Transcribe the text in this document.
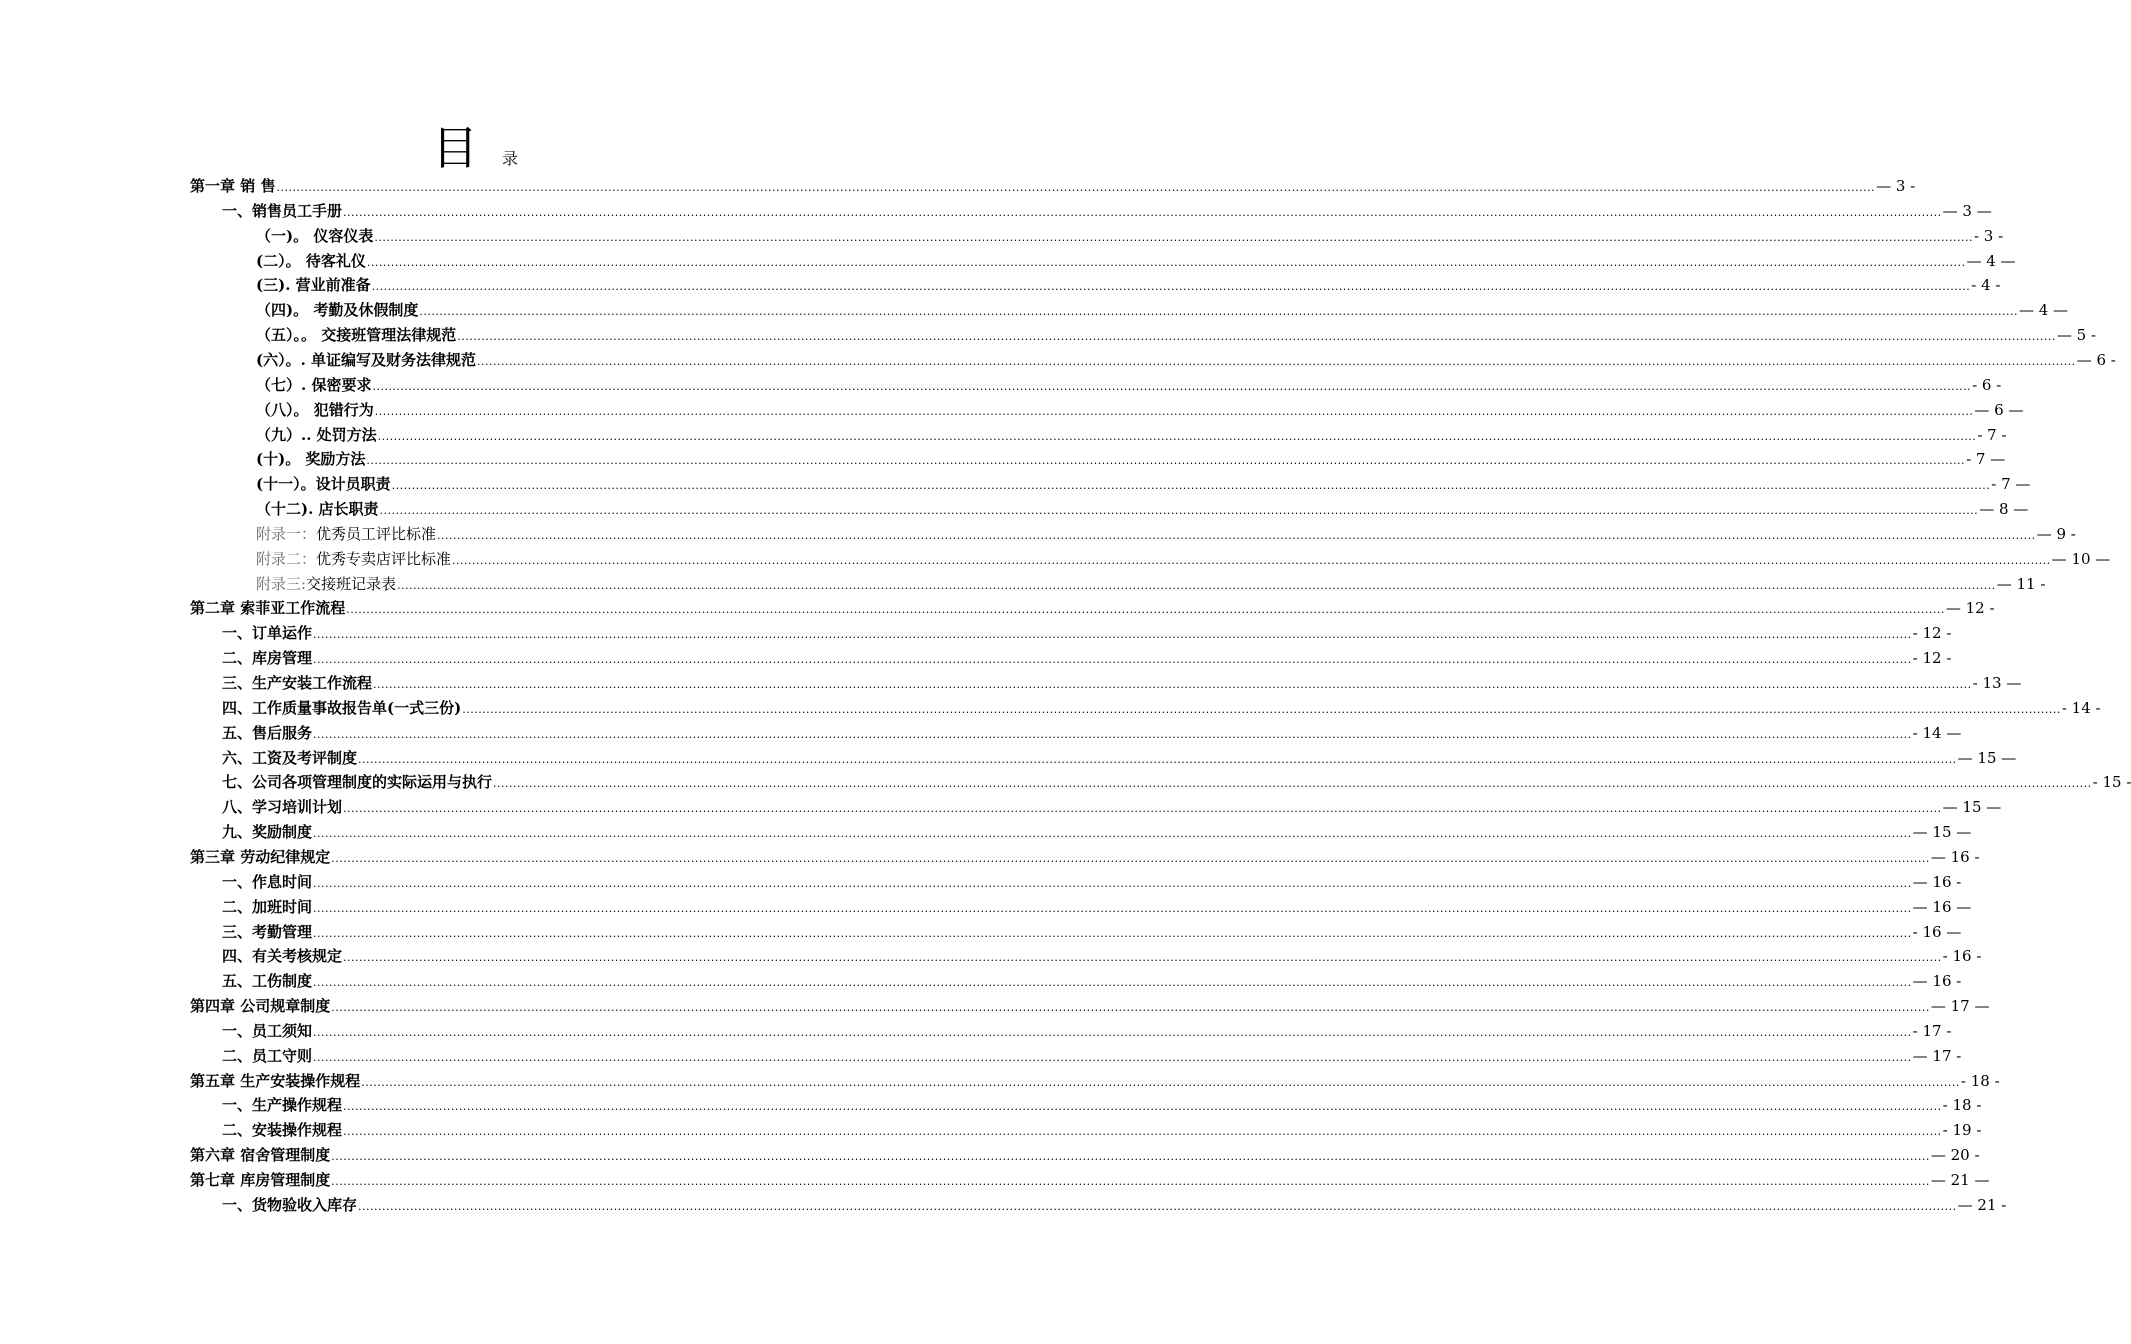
目 录
第一章 销 售 ................................................................................................................................................................................................................................................................................................................................................................................................................ — 3 -
一、销售员工手册 ................................................................................................................................................................................................................................................................................................................................................................................................................ — 3 —
（一)。 仪容仪表 ................................................................................................................................................................................................................................................................................................................................................................................................................ - 3 -
(二）。 待客礼仪 ................................................................................................................................................................................................................................................................................................................................................................................................................ — 4 —
(三). 营业前准备 ................................................................................................................................................................................................................................................................................................................................................................................................................ - 4 -
（四)。 考勤及休假制度 ................................................................................................................................................................................................................................................................................................................................................................................................................ — 4 —
（五）。。 交接班管理法律规范 ................................................................................................................................................................................................................................................................................................................................................................................................................ — 5 -
(六）。. 单证编写及财务法律规范 ................................................................................................................................................................................................................................................................................................................................................................................................................ — 6 -
（七）. 保密要求 ................................................................................................................................................................................................................................................................................................................................................................................................................ - 6 -
（八）。 犯错行为 ................................................................................................................................................................................................................................................................................................................................................................................................................ — 6 —
（九）.. 处罚方法 ................................................................................................................................................................................................................................................................................................................................................................................................................ - 7 -
(十)。 奖励方法 ................................................................................................................................................................................................................................................................................................................................................................................................................ - 7 —
(十一）。设计员职责 ................................................................................................................................................................................................................................................................................................................................................................................................................ - 7 —
（十二). 店长职责 ................................................................................................................................................................................................................................................................................................................................................................................................................ — 8 —
附录一：优秀员工评比标准 ................................................................................................................................................................................................................................................................................................................................................................................................................ — 9 -
附录二：优秀专卖店评比标准 ................................................................................................................................................................................................................................................................................................................................................................................................................ — 10 —
附录三:交接班记录表 ................................................................................................................................................................................................................................................................................................................................................................................................................ — 11 -
第二章 索菲亚工作流程 ................................................................................................................................................................................................................................................................................................................................................................................................................ — 12 -
一、订单运作 ................................................................................................................................................................................................................................................................................................................................................................................................................ - 12 -
二、库房管理 ................................................................................................................................................................................................................................................................................................................................................................................................................ - 12 -
三、生产安装工作流程 ................................................................................................................................................................................................................................................................................................................................................................................................................ - 13 —
四、工作质量事故报告单(一式三份) ................................................................................................................................................................................................................................................................................................................................................................................................................ - 14 -
五、售后服务 ................................................................................................................................................................................................................................................................................................................................................................................................................ - 14 —
六、工资及考评制度 ................................................................................................................................................................................................................................................................................................................................................................................................................ — 15 —
七、公司各项管理制度的实际运用与执行 ................................................................................................................................................................................................................................................................................................................................................................................................................ - 15 -
八、学习培训计划 ................................................................................................................................................................................................................................................................................................................................................................................................................ — 15 —
九、奖励制度 ................................................................................................................................................................................................................................................................................................................................................................................................................ — 15 —
第三章 劳动纪律规定 ................................................................................................................................................................................................................................................................................................................................................................................................................ — 16 -
一、作息时间 ................................................................................................................................................................................................................................................................................................................................................................................................................ — 16 -
二、加班时间 ................................................................................................................................................................................................................................................................................................................................................................................................................ — 16 —
三、考勤管理 ................................................................................................................................................................................................................................................................................................................................................................................................................ - 16 —
四、有关考核规定 ................................................................................................................................................................................................................................................................................................................................................................................................................ - 16 -
五、工伤制度 ................................................................................................................................................................................................................................................................................................................................................................................................................ — 16 -
第四章 公司规章制度 ................................................................................................................................................................................................................................................................................................................................................................................................................ — 17 —
一、员工须知 ................................................................................................................................................................................................................................................................................................................................................................................................................ - 17 -
二、员工守则 ................................................................................................................................................................................................................................................................................................................................................................................................................ — 17 -
第五章 生产安装操作规程 ................................................................................................................................................................................................................................................................................................................................................................................................................ - 18 -
一、生产操作规程 ................................................................................................................................................................................................................................................................................................................................................................................................................ - 18 -
二、安装操作规程 ................................................................................................................................................................................................................................................................................................................................................................................................................ - 19 -
第六章 宿舍管理制度 ................................................................................................................................................................................................................................................................................................................................................................................................................ — 20 -
第七章 库房管理制度 ................................................................................................................................................................................................................................................................................................................................................................................................................ — 21 —
一、货物验收入库存 ................................................................................................................................................................................................................................................................................................................................................................................................................ — 21 -
